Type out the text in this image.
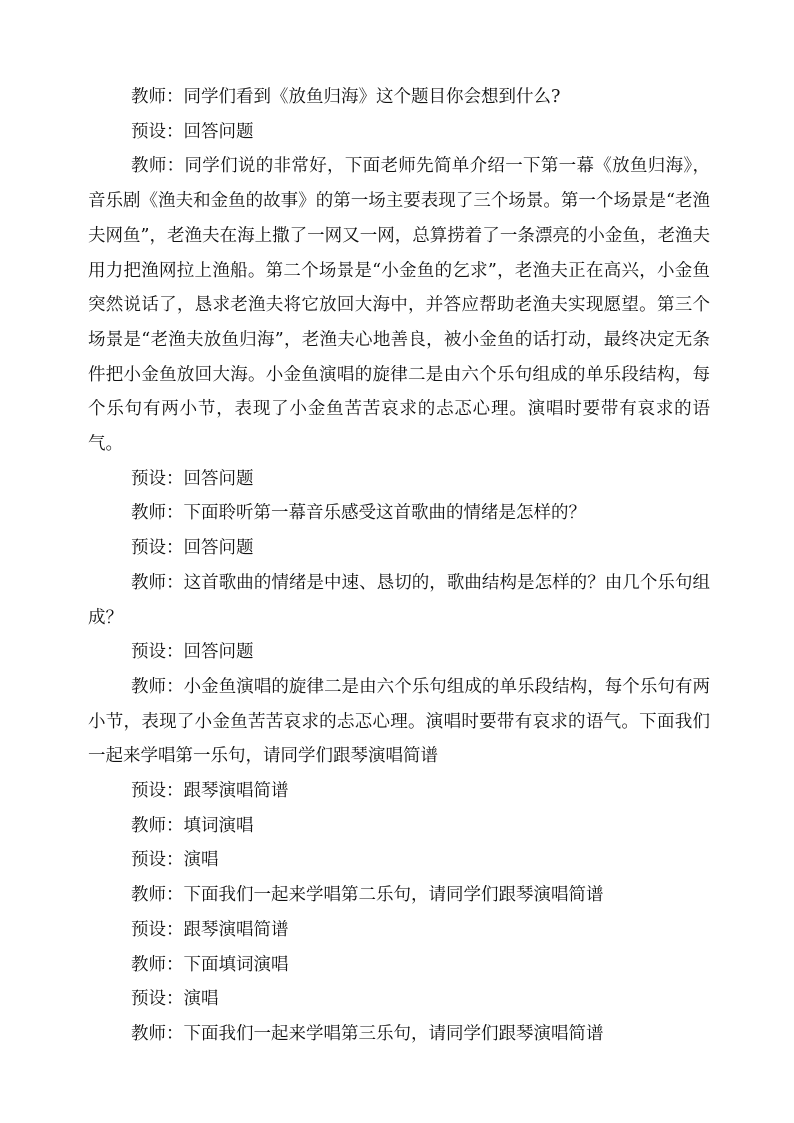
教师：同学们看到《放鱼归海》这个题目你会想到什么?

预设：回答问题

教师：同学们说的非常好，下面老师先简单介绍一下第一幕《放鱼归海》，音乐剧《渔夫和金鱼的故事》的第一场主要表现了三个场景。第一个场景是“老渔夫网鱼”，老渔夫在海上撒了一网又一网，总算捞着了一条漂亮的小金鱼，老渔夫用力把渔网拉上渔船。第二个场景是“小金鱼的乞求”，老渔夫正在高兴，小金鱼突然说话了，恳求老渔夫将它放回大海中，并答应帮助老渔夫实现愿望。第三个场景是“老渔夫放鱼归海”，老渔夫心地善良，被小金鱼的话打动，最终决定无条件把小金鱼放回大海。小金鱼演唱的旋律二是由六个乐句组成的单乐段结构，每个乐句有两小节，表现了小金鱼苦苦哀求的忐忑心理。演唱时要带有哀求的语气。

预设：回答问题

教师：下面聆听第一幕音乐感受这首歌曲的情绪是怎样的？

预设：回答问题

教师：这首歌曲的情绪是中速、恳切的，歌曲结构是怎样的？由几个乐句组成？

预设：回答问题

教师：小金鱼演唱的旋律二是由六个乐句组成的单乐段结构，每个乐句有两小节，表现了小金鱼苦苦哀求的忐忑心理。演唱时要带有哀求的语气。下面我们一起来学唱第一乐句，请同学们跟琴演唱简谱

预设：跟琴演唱简谱

教师：填词演唱

预设：演唱

教师：下面我们一起来学唱第二乐句，请同学们跟琴演唱简谱

预设：跟琴演唱简谱

教师：下面填词演唱

预设：演唱

教师：下面我们一起来学唱第三乐句，请同学们跟琴演唱简谱
